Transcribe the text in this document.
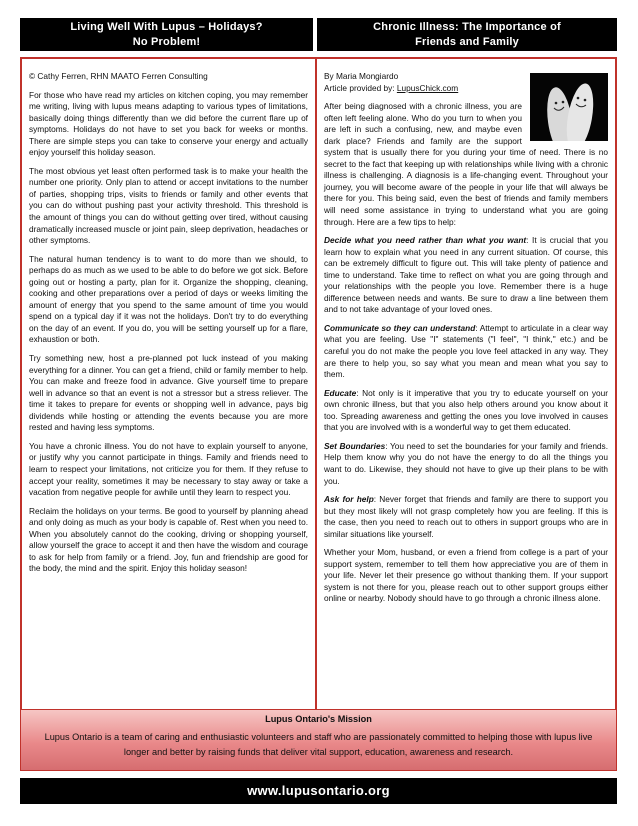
Living Well With Lupus – Holidays?
No Problem!
Chronic Illness: The Importance of
Friends and Family

© Cathy Ferren, RHN MAATO Ferren Consulting

For those who have read my articles on kitchen coping, you may remember me writing, living with lupus means adapting to various types of limitations, basically doing things differently than we did before the current flare up of symptoms. Holidays do not have to set you back for weeks or months. There are simple steps you can take to conserve your energy and actually enjoy yourself this holiday season.

The most obvious yet least often performed task is to make your health the number one priority. Only plan to attend or accept invitations to the number of parties, shopping trips, visits to friends or family and other events that you can do without pushing past your activity threshold. This threshold is the amount of things you can do without getting over tired, without causing dramatically increased muscle or joint pain, sleep deprivation, headaches or other symptoms.

The natural human tendency is to want to do more than we should, to perhaps do as much as we used to be able to do before we got sick. Before going out or hosting a party, plan for it. Organize the shopping, cleaning, cooking and other preparations over a period of days or weeks limiting the amount of energy that you spend to the same amount of time you would spend on a typical day if it was not the holidays. Don't try to do everything on the day of an event. If you do, you will be setting yourself up for a flare, exhaustion or both.

Try something new, host a pre-planned pot luck instead of you making everything for a dinner. You can get a friend, child or family member to help. You can make and freeze food in advance. Give yourself time to prepare well in advance so that an event is not a stressor but a stress reliever. The time it takes to prepare for events or shopping well in advance, pays big dividends while hosting or attending the events because you are more rested and having less symptoms.

You have a chronic illness. You do not have to explain yourself to anyone, or justify why you cannot participate in things. Family and friends need to learn to respect your limitations, not criticize you for them. If they refuse to accept your reality, sometimes it may be necessary to stay away or take a vacation from negative people for awhile until they learn to respect you.

Reclaim the holidays on your terms. Be good to yourself by planning ahead and only doing as much as your body is capable of. Rest when you need to. When you absolutely cannot do the cooking, driving or shopping yourself, allow yourself the grace to accept it and then have the wisdom and courage to ask for help from family or a friend. Joy, fun and friendship are good for the body, the mind and the spirit. Enjoy this holiday season!

By Maria Mongiardo
Article provided by: LupusChick.com

After being diagnosed with a chronic illness, you are often left feeling alone. Who do you turn to when you are left in such a confusing, new, and maybe even dark place? Friends and family are the support system that is usually there for you during your time of need. There is no secret to the fact that keeping up with relationships while living with a chronic illness is challenging. A diagnosis is a life-changing event. Throughout your journey, you will become aware of the people in your life that will always be there for you. This being said, even the best of friends and family members will need some assistance in trying to understand what you are going through. Here are a few tips to help:

Decide what you need rather than what you want: It is crucial that you learn how to explain what you need in any current situation. Of course, this can be extremely difficult to figure out. This will take plenty of patience and time to understand. Take time to reflect on what you are going through and your relationships with the people you love. Remember there is a huge difference between needs and wants. Be sure to draw a line between them and to not take advantage of your loved ones.

Communicate so they can understand: Attempt to articulate in a clear way what you are feeling. Use "I" statements ("I feel", "I think," etc.) and be careful you do not make the people you love feel attacked in any way. They are there to help you, so say what you mean and mean what you say to them.

Educate: Not only is it imperative that you try to educate yourself on your own chronic illness, but that you also help others around you know about it too. Spreading awareness and getting the ones you love involved in causes that you are involved with is a wonderful way to get them educated.

Set Boundaries: You need to set the boundaries for your family and friends. Help them know why you do not have the energy to do all the things you want to do. Likewise, they should not have to give up their plans to be with you.

Ask for help: Never forget that friends and family are there to support you but they most likely will not grasp completely how you are feeling. If this is the case, then you need to reach out to others in support groups who are in similar situations like yourself.

Whether your Mom, husband, or even a friend from college is a part of your support system, remember to tell them how appreciative you are of them in your life. Never let their presence go without thanking them. If your support system is not there for you, please reach out to other support groups either online or nearby. Nobody should have to go through a chronic illness alone.

Lupus Ontario's Mission
Lupus Ontario is a team of caring and enthusiastic volunteers and staff who are passionately committed to helping those with lupus live longer and better by raising funds that deliver vital support, education, awareness and research.
www.lupusontario.org
